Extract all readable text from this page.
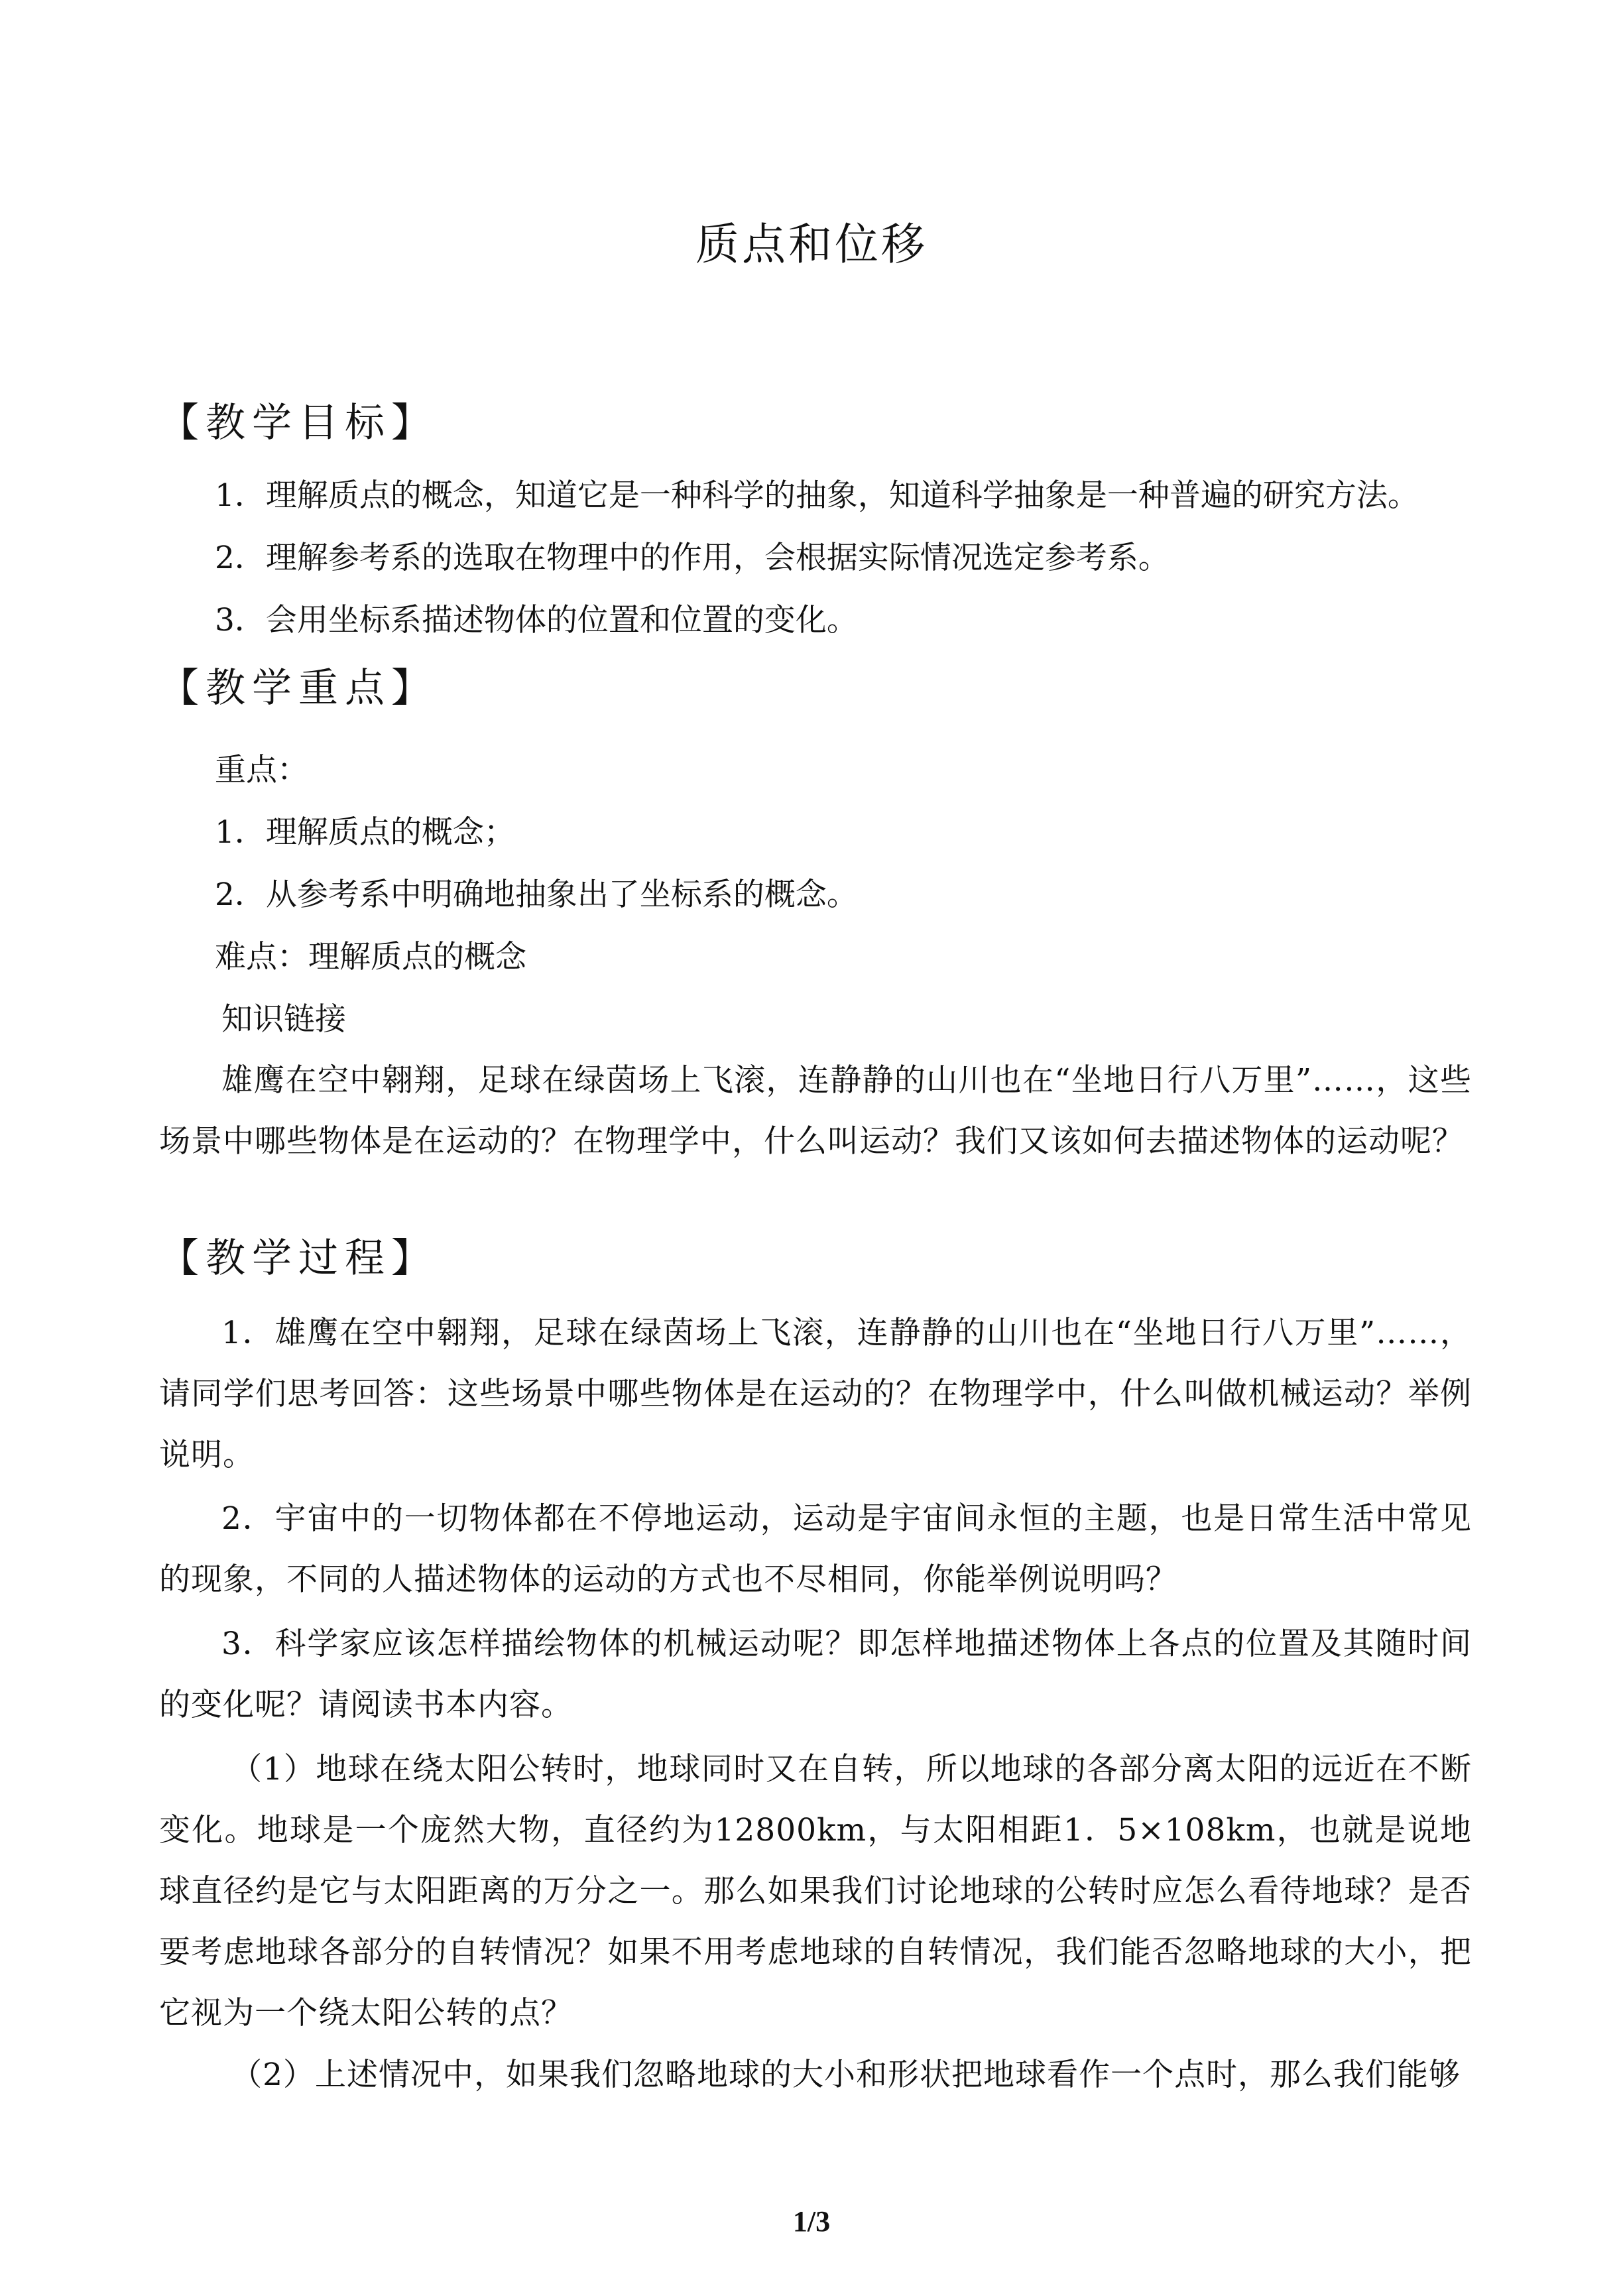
质点和位移
【教学目标】
1．理解质点的概念，知道它是一种科学的抽象，知道科学抽象是一种普遍的研究方法。
2．理解参考系的选取在物理中的作用，会根据实际情况选定参考系。
3．会用坐标系描述物体的位置和位置的变化。
【教学重点】
重点：
1．理解质点的概念；
2．从参考系中明确地抽象出了坐标系的概念。
难点：理解质点的概念
知识链接
雄鹰在空中翱翔，足球在绿茵场上飞滚，连静静的山川也在“坐地日行八万里”……，这些场景中哪些物体是在运动的？在物理学中，什么叫运动？我们又该如何去描述物体的运动呢？
【教学过程】
1．雄鹰在空中翱翔，足球在绿茵场上飞滚，连静静的山川也在“坐地日行八万里”……，请同学们思考回答：这些场景中哪些物体是在运动的？在物理学中，什么叫做机械运动？举例说明。
2．宇宙中的一切物体都在不停地运动，运动是宇宙间永恒的主题，也是日常生活中常见的现象，不同的人描述物体的运动的方式也不尽相同，你能举例说明吗？
3．科学家应该怎样描绘物体的机械运动呢？即怎样地描述物体上各点的位置及其随时间的变化呢？请阅读书本内容。
（1）地球在绕太阳公转时，地球同时又在自转，所以地球的各部分离太阳的远近在不断变化。地球是一个庞然大物，直径约为12800km，与太阳相距1．5×108km，也就是说地球直径约是它与太阳距离的万分之一。那么如果我们讨论地球的公转时应怎么看待地球？是否要考虑地球各部分的自转情况？如果不用考虑地球的自转情况，我们能否忽略地球的大小，把它视为一个绕太阳公转的点？
（2）上述情况中，如果我们忽略地球的大小和形状把地球看作一个点时，那么我们能够
1/3
